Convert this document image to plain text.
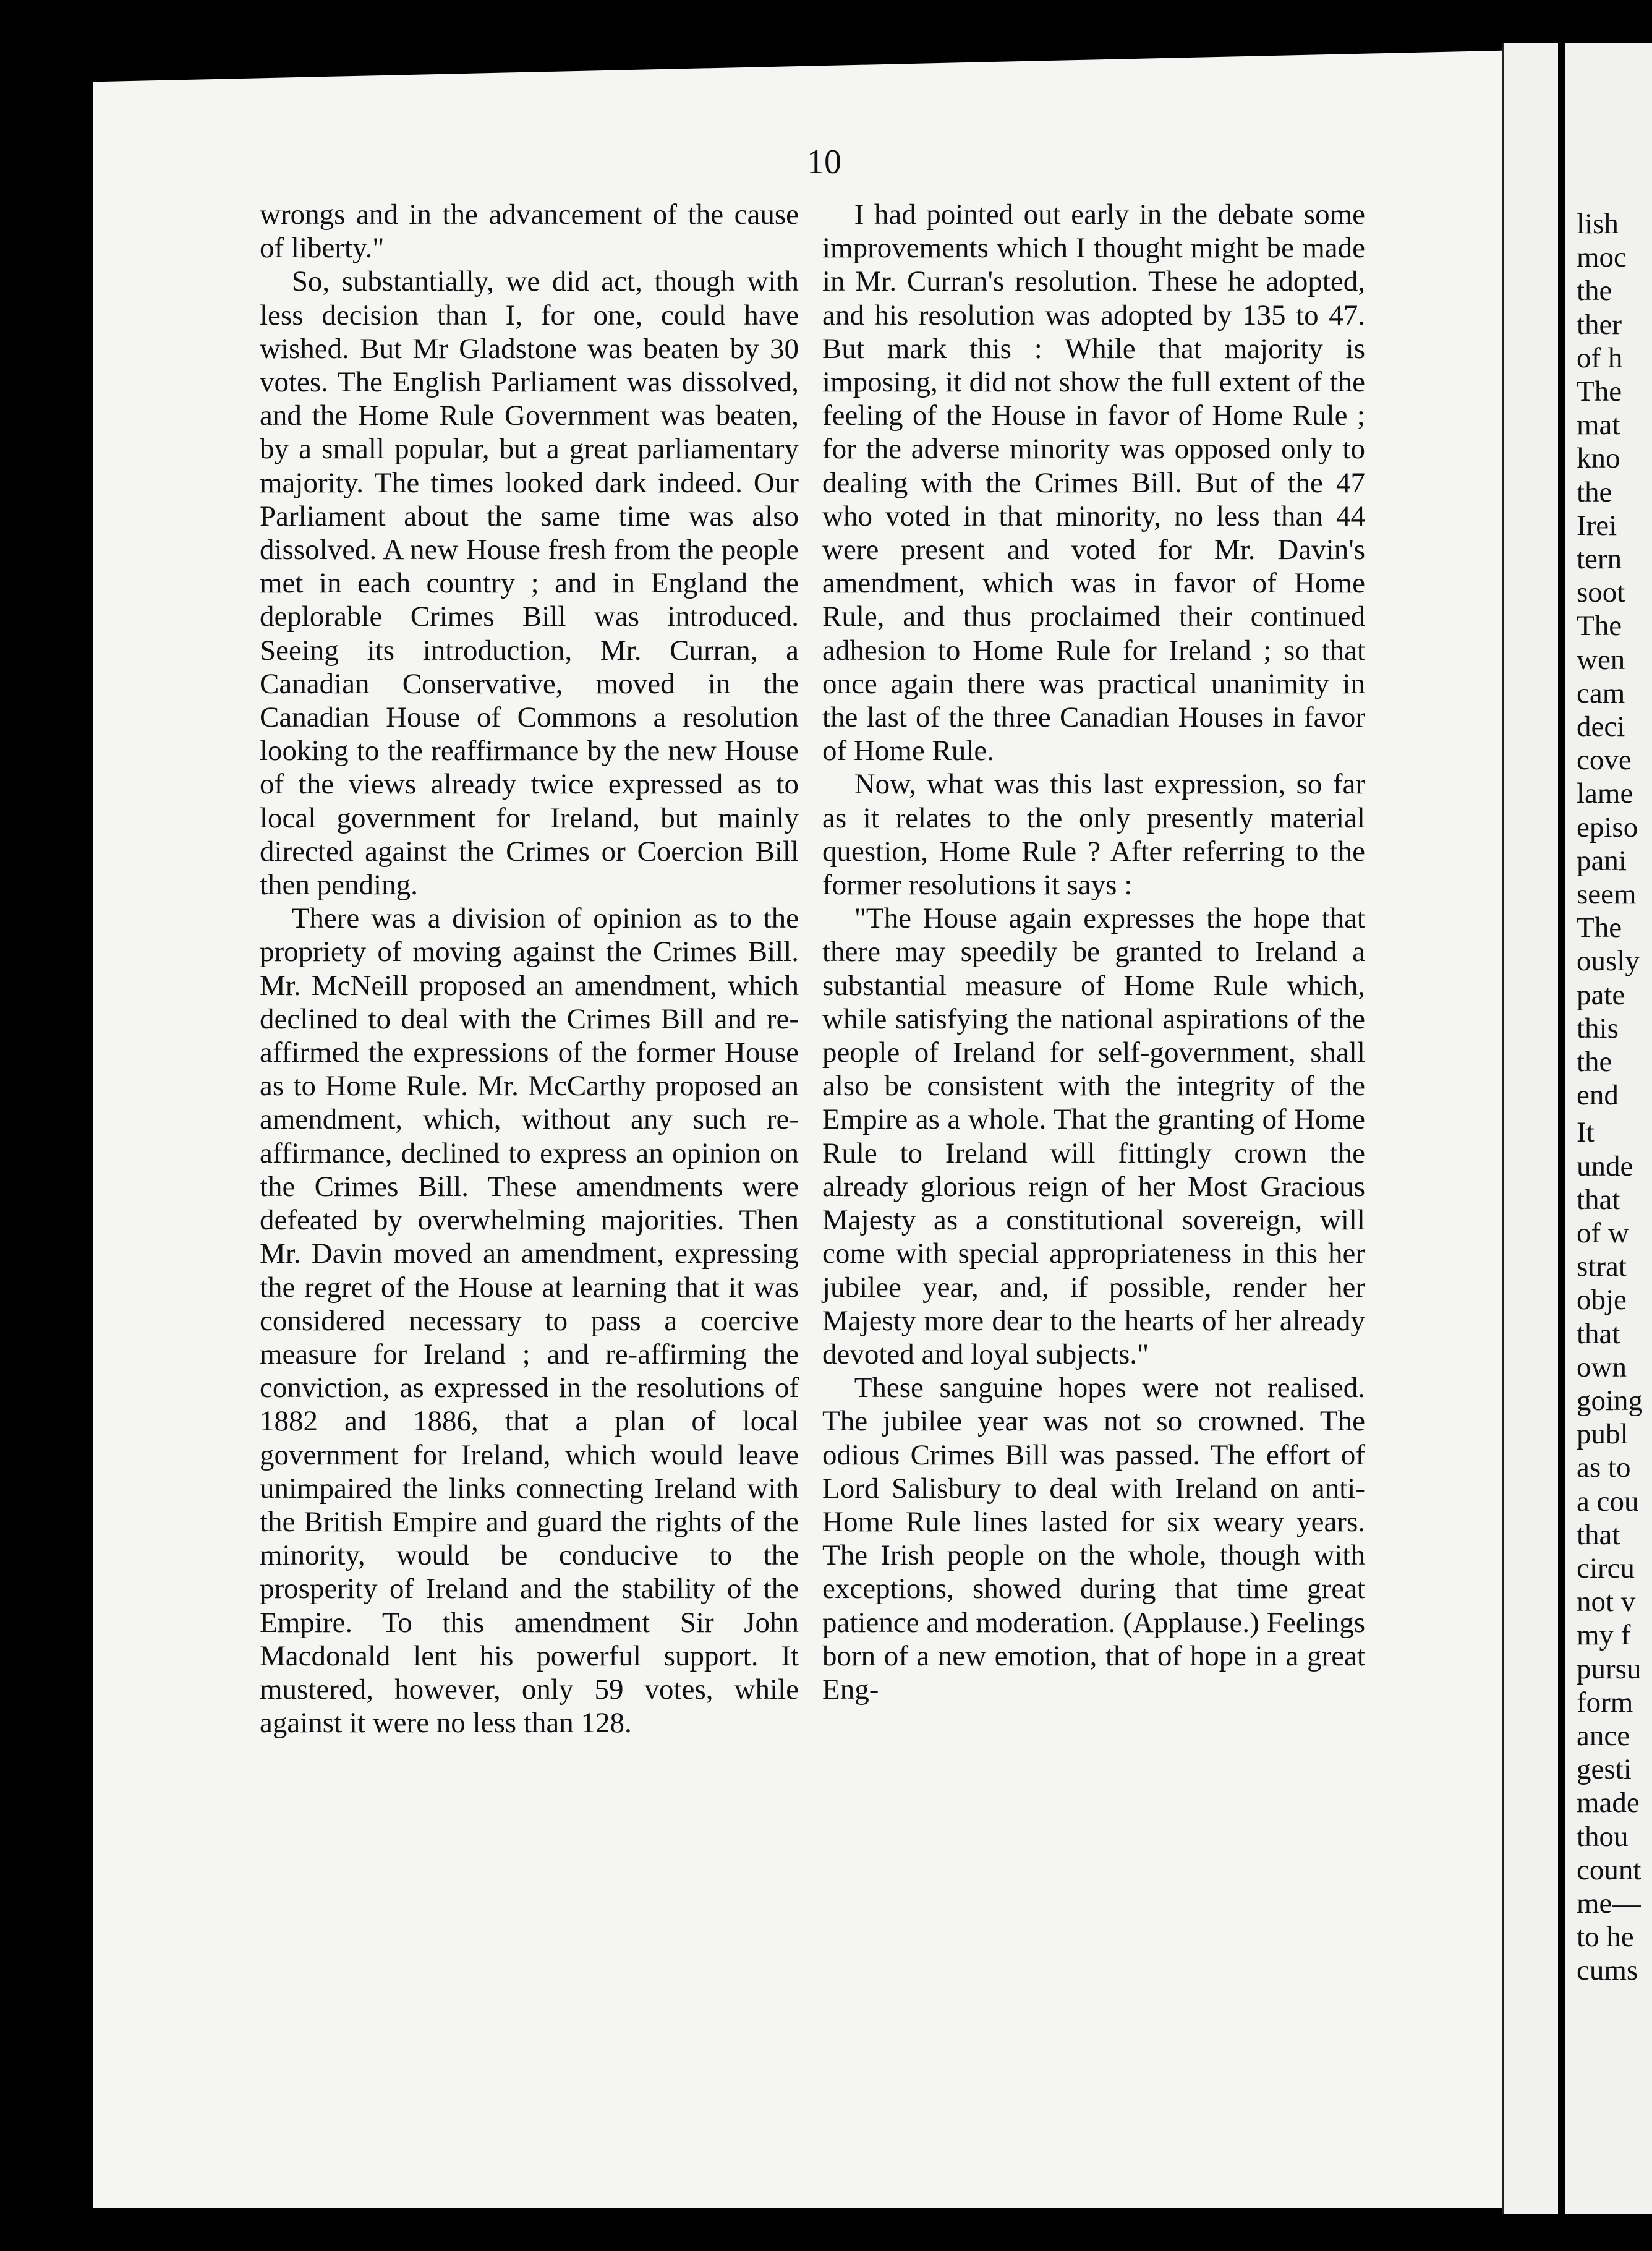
10

wrongs and in the advancement of the cause of liberty."

So, substantially, we did act, though with less decision than I, for one, could have wished. But Mr Gladstone was beaten by 30 votes. The English Parliament was dissolved, and the Home Rule Government was beaten, by a small popular, but a great parliamentary majority. The times looked dark indeed. Our Parliament about the same time was also dissolved. A new House fresh from the people met in each country ; and in England the deplorable Crimes Bill was introduced. Seeing its introduction, Mr. Curran, a Canadian Conservative, moved in the Canadian House of Commons a resolution looking to the reaffirmance by the new House of the views already twice expressed as to local government for Ireland, but mainly directed against the Crimes or Coercion Bill then pending.

There was a division of opinion as to the propriety of moving against the Crimes Bill. Mr. McNeill proposed an amendment, which declined to deal with the Crimes Bill and re-affirmed the expressions of the former House as to Home Rule. Mr. McCarthy proposed an amendment, which, without any such re-affirmance, declined to express an opinion on the Crimes Bill. These amendments were defeated by overwhelming majorities. Then Mr. Davin moved an amendment, expressing the regret of the House at learning that it was considered necessary to pass a coercive measure for Ireland ; and re-affirming the conviction, as expressed in the resolutions of 1882 and 1886, that a plan of local government for Ireland, which would leave unimpaired the links connecting Ireland with the British Empire and guard the rights of the minority, would be conducive to the prosperity of Ireland and the stability of the Empire. To this amendment Sir John Macdonald lent his powerful support. It mustered, however, only 59 votes, while against it were no less than 128.

I had pointed out early in the debate some improvements which I thought might be made in Mr. Curran's resolution. These he adopted, and his resolution was adopted by 135 to 47. But mark this : While that majority is imposing, it did not show the full extent of the feeling of the House in favor of Home Rule ; for the adverse minority was opposed only to dealing with the Crimes Bill. But of the 47 who voted in that minority, no less than 44 were present and voted for Mr. Davin's amendment, which was in favor of Home Rule, and thus proclaimed their continued adhesion to Home Rule for Ireland ; so that once again there was practical unanimity in the last of the three Canadian Houses in favor of Home Rule.

Now, what was this last expression, so far as it relates to the only presently material question, Home Rule ? After referring to the former resolutions it says :

"The House again expresses the hope that there may speedily be granted to Ireland a substantial measure of Home Rule which, while satisfying the national aspirations of the people of Ireland for self-government, shall also be consistent with the integrity of the Empire as a whole. That the granting of Home Rule to Ireland will fittingly crown the already glorious reign of her Most Gracious Majesty as a constitutional sovereign, will come with special appropriateness in this her jubilee year, and, if possible, render her Majesty more dear to the hearts of her already devoted and loyal subjects."

These sanguine hopes were not realised. The jubilee year was not so crowned. The odious Crimes Bill was passed. The effort of Lord Salisbury to deal with Ireland on anti-Home Rule lines lasted for six weary years. The Irish people on the whole, though with exceptions, showed during that time great patience and moderation. (Applause.) Feelings born of a new emotion, that of hope in a great Eng-

lish
moc
the
ther
of h
The
mat
kno
the
Irei
tern
soot
The
wen
cam
deci
cove
lame
episo
pani
seem
The
ously
pate
this
the
end
It
unde
that
of w
strat
obje
that
own
going
publ
as to
a cou
that
circu
not v
my f
pursu
form
ance
gesti
made
thou
count
me—
to he
cums
